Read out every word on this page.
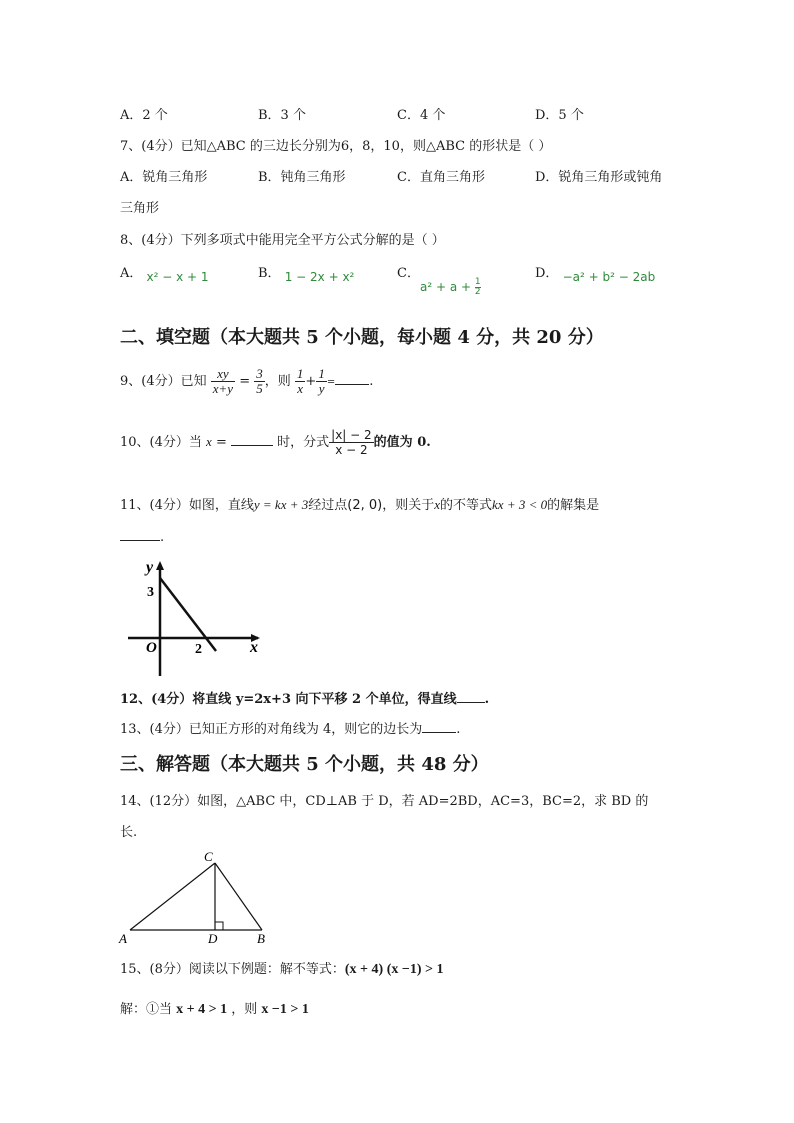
A．2 个	B．3 个	C．4 个	D．5 个
7、(4分）已知△ABC 的三边长分别为6，8，10，则△ABC 的形状是（ ）
A．锐角三角形	B．钝角三角形	C．直角三角形	D．锐角三角形或钝角
三角形
8、(4分）下列多项式中能用完全平方公式分解的是（ ）
A． x² − x + 1	B． 1 − 2x + x²	C．
$a^2 + a + \frac{1}{2}$
D． −a² + b² − 2ab
二、填空题（本大题共 5 个小题，每小题 4 分，共 20 分）
9、(4分）已知 $\frac{xy}{x+y} = \frac{3}{5}$ ，则 $\frac{1}{x} + \frac{1}{y}$ =	.
10、(4分）当 x =	时，分式 $\frac{|x| - 2}{x - 2}$ 的值为 0.
11、(4分）如图，直线y = kx + 3经过点(2, 0)，则关于x的不等式kx + 3 < 0的解集是
.
y
x
O
3
2
12、(4分）将直线 y=2x+3 向下平移 2 个单位，得直线 .
13、(4分）已知正方形的对角线为 4，则它的边长为	.
三、解答题（本大题共 5 个小题，共 48 分）
14、(12分）如图，△ABC 中，CD⊥AB 于 D，若 AD=2BD，AC=3，BC=2，求 BD 的
长.
A	B
C
D
15、(8分）阅读以下例题：解不等式：(x + 4) (x −1) > 1
解：①当 x + 4 > 1 ，则 x −1 > 1
